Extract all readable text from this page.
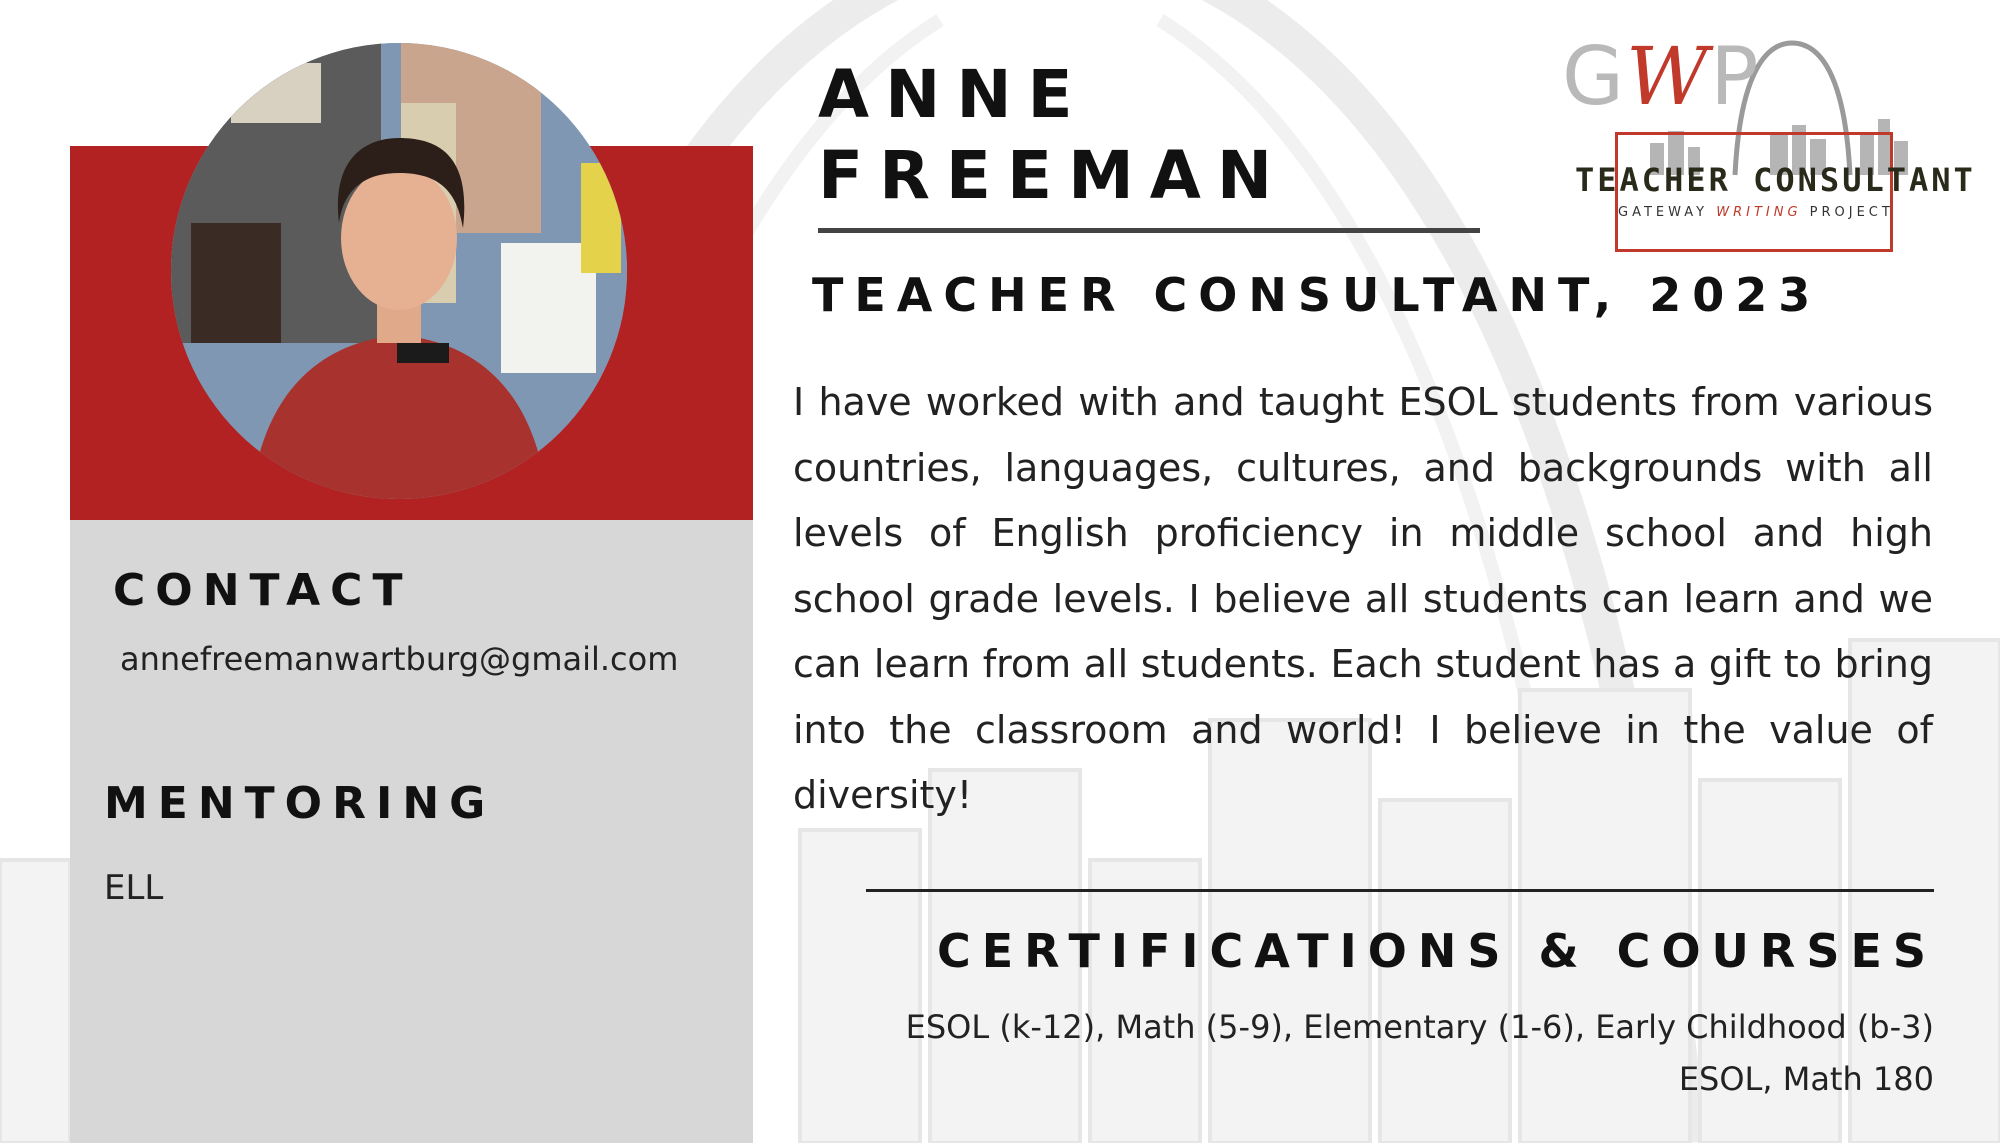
CONTACT
annefreemanwartburg@gmail.com
MENTORING
ELL
ANNE
FREEMAN
TEACHER CONSULTANT, 2023

I have worked with and taught ESOL students from various countries, languages, cultures, and backgrounds with all levels of English proficiency in middle school and high school grade levels. I believe all students can learn and we can learn from all students. Each student has a gift to bring into the classroom and world! I believe in the value of diversity!

CERTIFICATIONS & COURSES

ESOL (k-12), Math (5-9), Elementary (1-6), Early Childhood (b-3)

ESOL, Math 180

GWP
TEACHER CONSULTANT
GATEWAY WRITING PROJECT
